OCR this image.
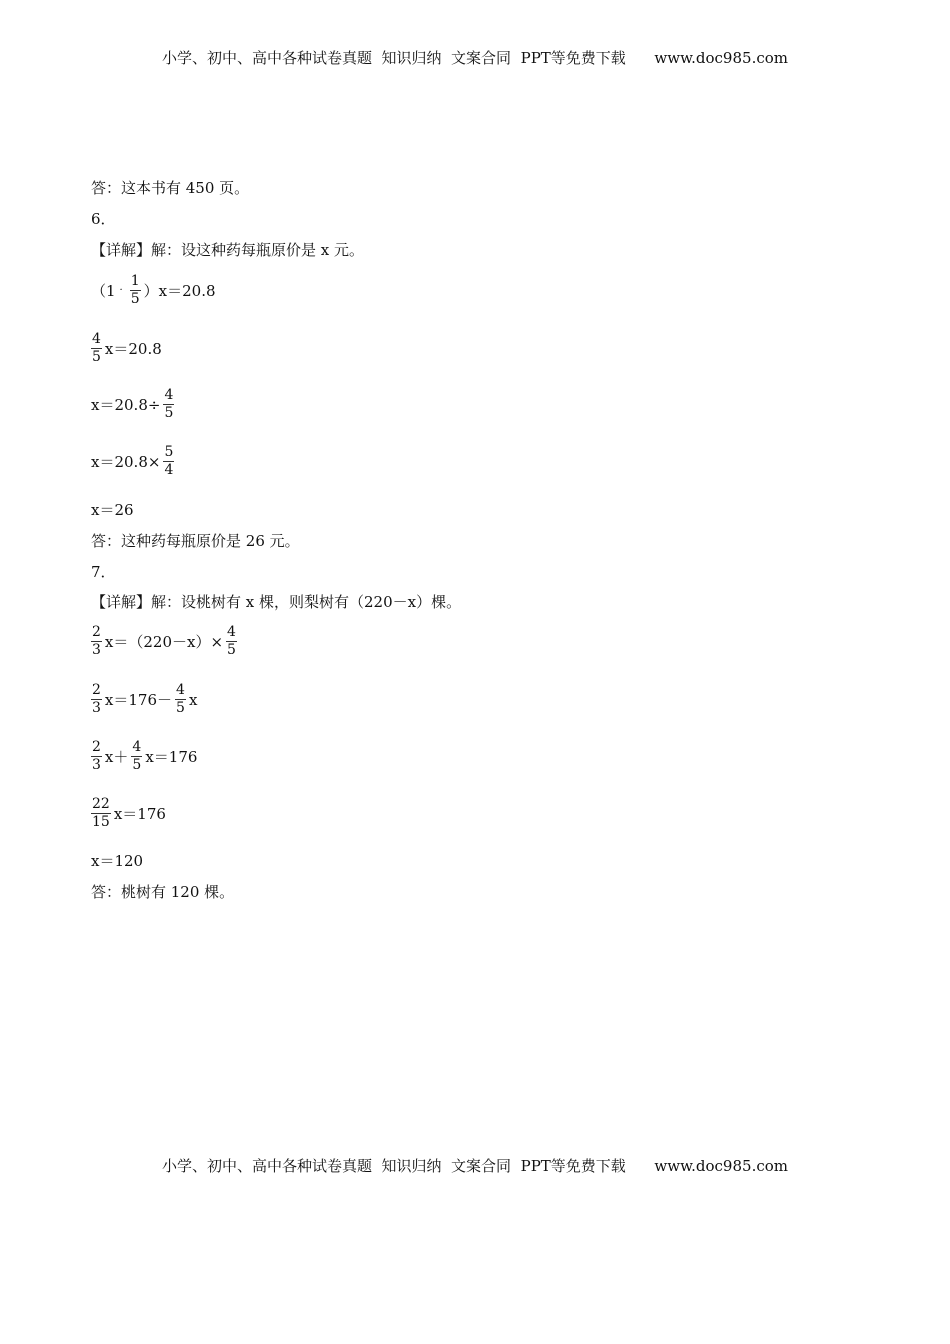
小学、初中、高中各种试卷真题  知识归纳  文案合同  PPT等免费下载      www.doc985.com
答：这本书有 450 页。
6．
【详解】解：设这种药每瓶原价是 x 元。
$(1 \cdot \frac{1}{5} )x=20.8$
$\frac{4}{5} x=20.8$
$x=20.8\div \frac{4}{5}$
$x=20.8\times \frac{5}{4}$
x＝26
答：这种药每瓶原价是 26 元。
7．
【详解】解：设桃树有 x 棵，则梨树有（220－x）棵。
$\frac{2}{3} x=(220-x)\times \frac{4}{5}$
$\frac{2}{3} x=176- \frac{4}{5}$ x
$\frac{2}{3} x+ \frac{4}{5} x=176$
$\frac{22}{15} x=176$
x＝120
答：桃树有 120 棵。
小学、初中、高中各种试卷真题  知识归纳  文案合同  PPT等免费下载      www.doc985.com
